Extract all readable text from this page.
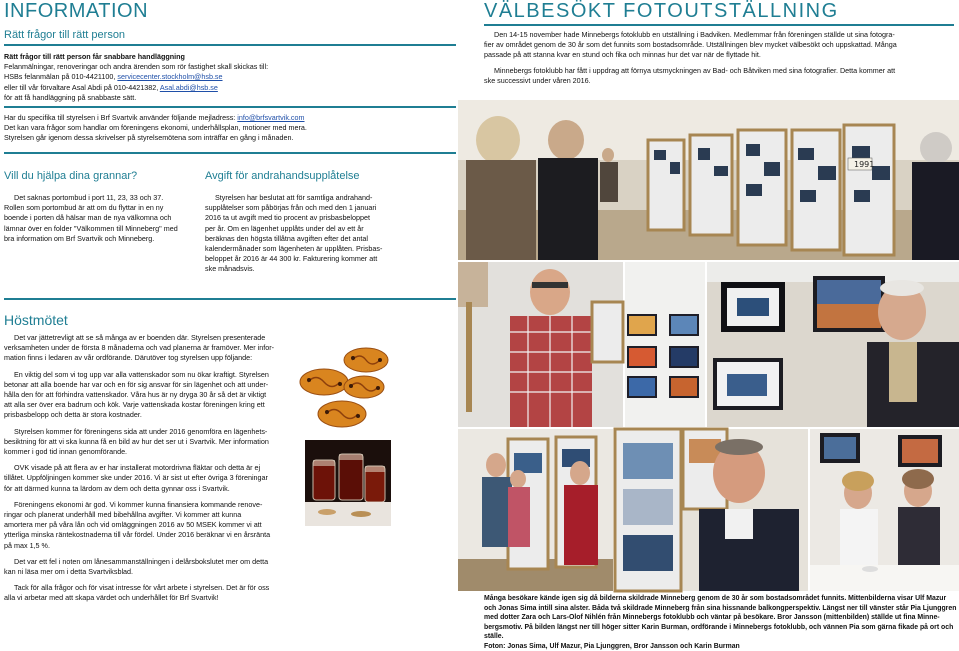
INFORMATION
Rätt frågor till rätt person

Rätt frågor till rätt person får snabbare handläggning

Felanmälningar, renoveringar och andra ärenden som rör fastighet skall skickas till:

HSBs felanmälan på 010-4421100, servicecenter.stockholm@hsb.se

eller till vår förvaltare Asal Abdi på 010-4421382, Asal.abdi@hsb.se

för att få handläggning på snabbaste sätt.

Har du specifika till styrelsen i Brf Svartvik använder följande mejladress: info@brfsvartvik.com

Det kan vara frågor som handlar om föreningens ekonomi, underhållsplan, motioner med mera.

Styrelsen går igenom dessa skrivelser på styrelsemötena som inträffar en gång i månaden.

Vill du hjälpa dina grannar?

Det saknas portombud i port 11, 23, 33 och 37.

Rollen som portombud är att om du flyttar in en ny

boende i porten då hälsar man de nya välkomna och

lämnar över en folder "Välkommen till Minneberg" med

bra information om Brf Svartvik och Minneberg.

Avgift för andrahandsupplåtelse

Styrelsen har beslutat att för samtliga andrahand-

supplåtelser som påbörjas från och med den 1 januari

2016 ta ut avgift med tio procent av prisbasbeloppet

per år. Om en lägenhet upplåts under del av ett år

beräknas den högsta tillåtna avgiften efter det antal

kalendermånader som lägenheten är upplåten. Prisbas-

beloppet år 2016 är 44 300 kr. Fakturering kommer att

ske månadsvis.

Höstmötet

Det var jättetrevligt att se så många av er boenden där. Styrelsen presenterade

verksamheten under de första 8 månaderna och vad planerna är framöver. Mer infor-

mation finns i ledaren av vår ordförande. Därutöver tog styrelsen upp följande:

En viktig del som vi tog upp var alla vattenskador som nu ökar kraftigt. Styrelsen

betonar att alla boende har var och en för sig ansvar för sin lägenhet och att under-

hålla den för att förhindra vattenskador. Våra hus är ny dryga 30 år så det är viktigt

att alla ser över era badrum och kök. Varje vattenskada kostar föreningen kring ett

prisbasbelopp och detta är stora kostnader.

Styrelsen kommer för föreningens sida att under 2016 genomföra en lägenhets-

besiktning för att vi ska kunna få en bild av hur det ser ut i Svartvik. Mer information

kommer i god tid innan genomförande.

OVK visade på att flera av er har installerat motordrivna fläktar och detta är ej

tillåtet. Uppföljningen kommer ske under 2016. Vi är sist ut efter övriga 3 föreningar

för att därmed kunna ta lärdom av dem och detta gynnar oss i Svartvik.

Föreningens ekonomi är god. Vi kommer kunna finansiera kommande renove-

ringar och planerat underhåll med bibehållna avgifter. Vi kommer att kunna

amortera mer på våra lån och vid omläggningen 2016 av 50 MSEK kommer vi att

ytterliga minska räntekostnaderna till vår fördel. Under 2016 beräknar vi en årsränta

på max 1,5 %.

Det var ett fel i noten om lånesammanställningen i delårsbokslutet mer om detta

kan ni läsa mer om i detta Svartviksblad.

Tack för alla frågor och för visat intresse för vårt arbete i styrelsen. Det är för oss

alla vi arbetar med att skapa värdet och underhållet för Brf Svartvik!

VÄLBESÖKT FOTOUTSTÄLLNING

Den 14-15 november hade Minnebergs fotoklubb en utställning i Badviken. Medlemmar från föreningen ställde ut sina fotogra-

fier av området genom de 30 år som det funnits som bostadsområde. Utställningen blev mycket välbesökt och uppskattad. Många

passade på att stanna kvar en stund och fika och minnas hur det var när de flyttade hit.

Minnebergs fotoklubb har fått i uppdrag att förnya utsmyckningen av Bad- och Båtviken med sina fotografier. Detta kommer att

ske successivt under våren 2016.

1991

Många besökare kände igen sig då bilderna skildrade Minneberg genom de 30 år som bostadsområdet funnits. Mittenbilderna visar Ulf Mazur

och Jonas Sima intill sina alster. Båda två skildrade Minneberg från sina hissnande balkongperspektiv. Längst ner till vänster står Pia Ljunggren

med dotter Zara och Lars-Olof Nihlén från Minnebergs fotoklubb och väntar på besökare. Bror Jansson (mittenbilden) ställde ut fina Minne-

bergsmotiv. På bilden längst ner till höger sitter Karin Burman, ordförande i Minnebergs fotoklubb, och vännen Pia som gärna fikade på ort och ställe.

Foton: Jonas Sima, Ulf Mazur, Pia Ljunggren, Bror Jansson och Karin Burman
